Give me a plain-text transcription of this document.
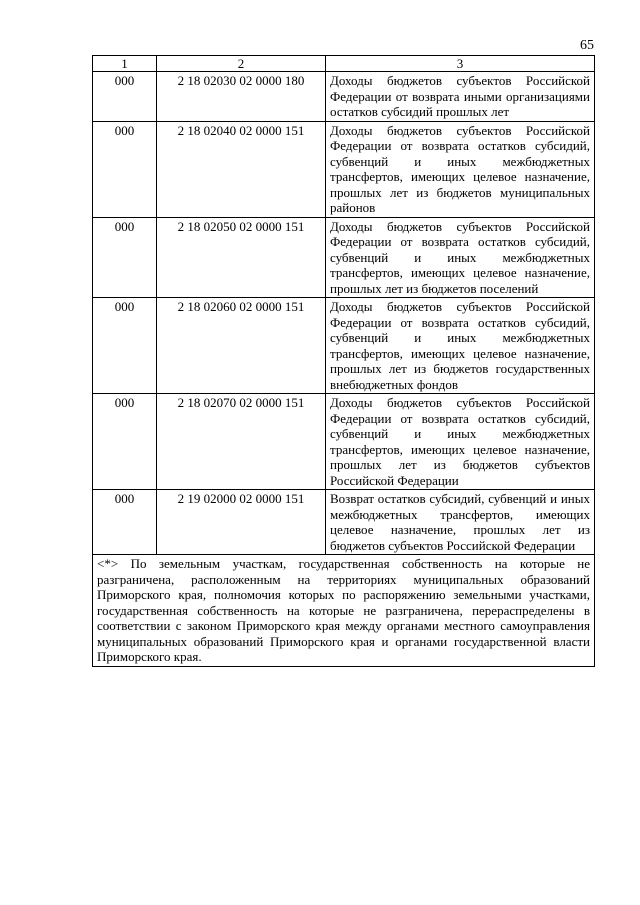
65
1	2	3
000	2 18 02030 02 0000 180	Доходы бюджетов субъектов Российской Федерации от возврата иными организациями остатков субсидий прошлых лет
000	2 18 02040 02 0000 151	Доходы бюджетов субъектов Российской Федерации от возврата остатков субсидий, субвенций и иных межбюджетных трансфертов, имеющих целевое назначение, прошлых лет из бюджетов муниципальных районов
000	2 18 02050 02 0000 151	Доходы бюджетов субъектов Российской Федерации от возврата остатков субсидий, субвенций и иных межбюджетных трансфертов, имеющих целевое назначение, прошлых лет из бюджетов поселений
000	2 18 02060 02 0000 151	Доходы бюджетов субъектов Российской Федерации от возврата остатков субсидий, субвенций и иных межбюджетных трансфертов, имеющих целевое назначение, прошлых лет из бюджетов государственных внебюджетных фондов
000	2 18 02070 02 0000 151	Доходы бюджетов субъектов Российской Федерации от возврата остатков субсидий, субвенций и иных межбюджетных трансфертов, имеющих целевое назначение, прошлых лет из бюджетов субъектов Российской Федерации
000	2 19 02000 02 0000 151	Возврат остатков субсидий, субвенций и иных межбюджетных трансфертов, имеющих целевое назначение, прошлых лет из бюджетов субъектов Российской Федерации
<*> По земельным участкам, государственная собственность на которые не разграничена, расположенным на территориях муниципальных образований Приморского края, полномочия которых по распоряжению земельными участками, государственная собственность на которые не разграничена, перераспределены в соответствии с законом Приморского края между органами местного самоуправления муниципальных образований Приморского края и органами государственной власти Приморского края.		
